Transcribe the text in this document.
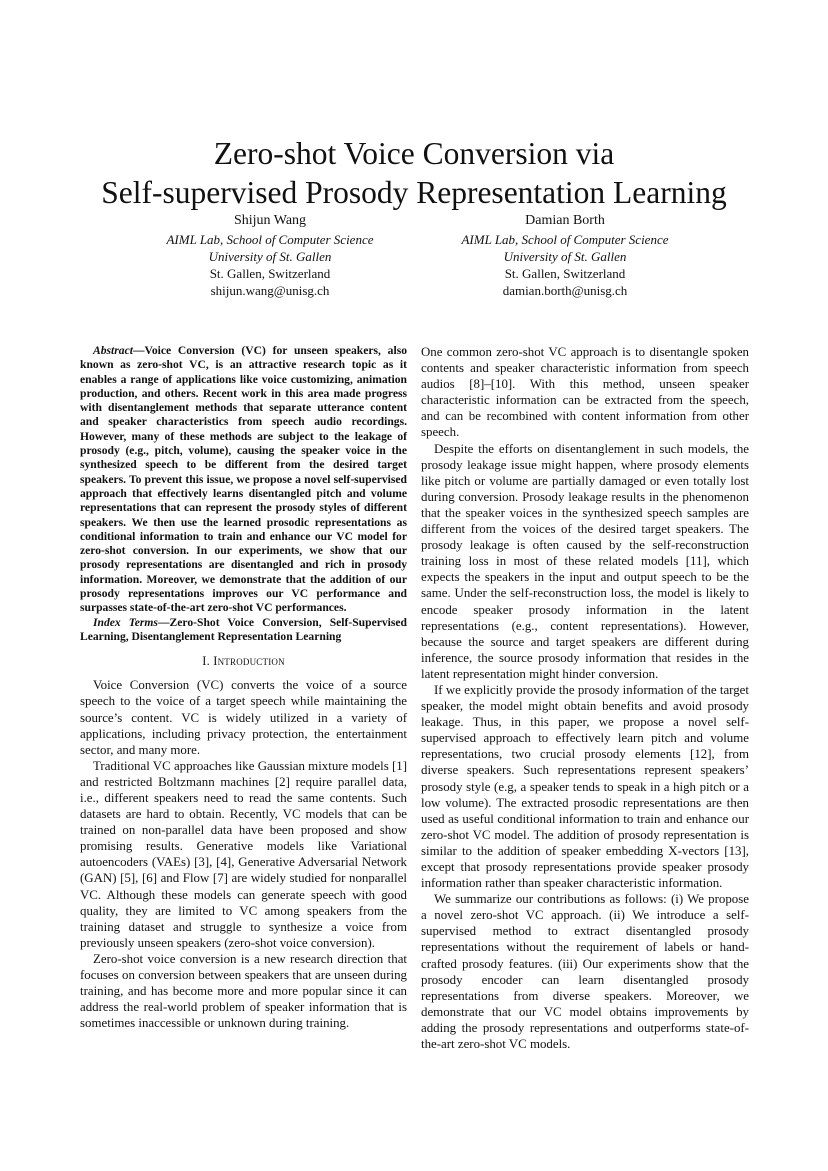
Zero-shot Voice Conversion via
Self-supervised Prosody Representation Learning
Shijun Wang
AIML Lab, School of Computer Science
University of St. Gallen
St. Gallen, Switzerland
shijun.wang@unisg.ch
Damian Borth
AIML Lab, School of Computer Science
University of St. Gallen
St. Gallen, Switzerland
damian.borth@unisg.ch

Abstract—Voice Conversion (VC) for unseen speakers, also known as zero-shot VC, is an attractive research topic as it enables a range of applications like voice customizing, animation production, and others. Recent work in this area made progress with disentanglement methods that separate utterance content and speaker characteristics from speech audio recordings. However, many of these methods are subject to the leakage of prosody (e.g., pitch, volume), causing the speaker voice in the synthesized speech to be different from the desired target speakers. To prevent this issue, we propose a novel self-supervised approach that effectively learns disentangled pitch and volume representations that can represent the prosody styles of different speakers. We then use the learned prosodic representations as conditional information to train and enhance our VC model for zero-shot conversion. In our experiments, we show that our prosody representations are disentangled and rich in prosody information. Moreover, we demonstrate that the addition of our prosody representations improves our VC performance and surpasses state-of-the-art zero-shot VC performances.

Index Terms—Zero-Shot Voice Conversion, Self-Supervised Learning, Disentanglement Representation Learning

I. Introduction

Voice Conversion (VC) converts the voice of a source speech to the voice of a target speech while maintaining the source’s content. VC is widely utilized in a variety of applications, including privacy protection, the entertainment sector, and many more.

Traditional VC approaches like Gaussian mixture models [1] and restricted Boltzmann machines [2] require parallel data, i.e., different speakers need to read the same contents. Such datasets are hard to obtain. Recently, VC models that can be trained on non-parallel data have been proposed and show promising results. Generative models like Variational autoencoders (VAEs) [3], [4], Generative Adversarial Network (GAN) [5], [6] and Flow [7] are widely studied for nonparallel VC. Although these models can generate speech with good quality, they are limited to VC among speakers from the training dataset and struggle to synthesize a voice from previously unseen speakers (zero-shot voice conversion).

Zero-shot voice conversion is a new research direction that focuses on conversion between speakers that are unseen during training, and has become more and more popular since it can address the real-world problem of speaker information that is sometimes inaccessible or unknown during training.

One common zero-shot VC approach is to disentangle spoken contents and speaker characteristic information from speech audios [8]–[10]. With this method, unseen speaker characteristic information can be extracted from the speech, and can be recombined with content information from other speech.

Despite the efforts on disentanglement in such models, the prosody leakage issue might happen, where prosody elements like pitch or volume are partially damaged or even totally lost during conversion. Prosody leakage results in the phenomenon that the speaker voices in the synthesized speech samples are different from the voices of the desired target speakers. The prosody leakage is often caused by the self-reconstruction training loss in most of these related models [11], which expects the speakers in the input and output speech to be the same. Under the self-reconstruction loss, the model is likely to encode speaker prosody information in the latent representations (e.g., content representations). However, because the source and target speakers are different during inference, the source prosody information that resides in the latent representation might hinder conversion.

If we explicitly provide the prosody information of the target speaker, the model might obtain benefits and avoid prosody leakage. Thus, in this paper, we propose a novel self-supervised approach to effectively learn pitch and volume representations, two crucial prosody elements [12], from diverse speakers. Such representations represent speakers’ prosody style (e.g, a speaker tends to speak in a high pitch or a low volume). The extracted prosodic representations are then used as useful conditional information to train and enhance our zero-shot VC model. The addition of prosody representation is similar to the addition of speaker embedding X-vectors [13], except that prosody representations provide speaker prosody information rather than speaker characteristic information.

We summarize our contributions as follows: (i) We propose a novel zero-shot VC approach. (ii) We introduce a self-supervised method to extract disentangled prosody representations without the requirement of labels or hand-crafted prosody features. (iii) Our experiments show that the prosody encoder can learn disentangled prosody representations from diverse speakers. Moreover, we demonstrate that our VC model obtains improvements by adding the prosody representations and outperforms state-of-the-art zero-shot VC models.
